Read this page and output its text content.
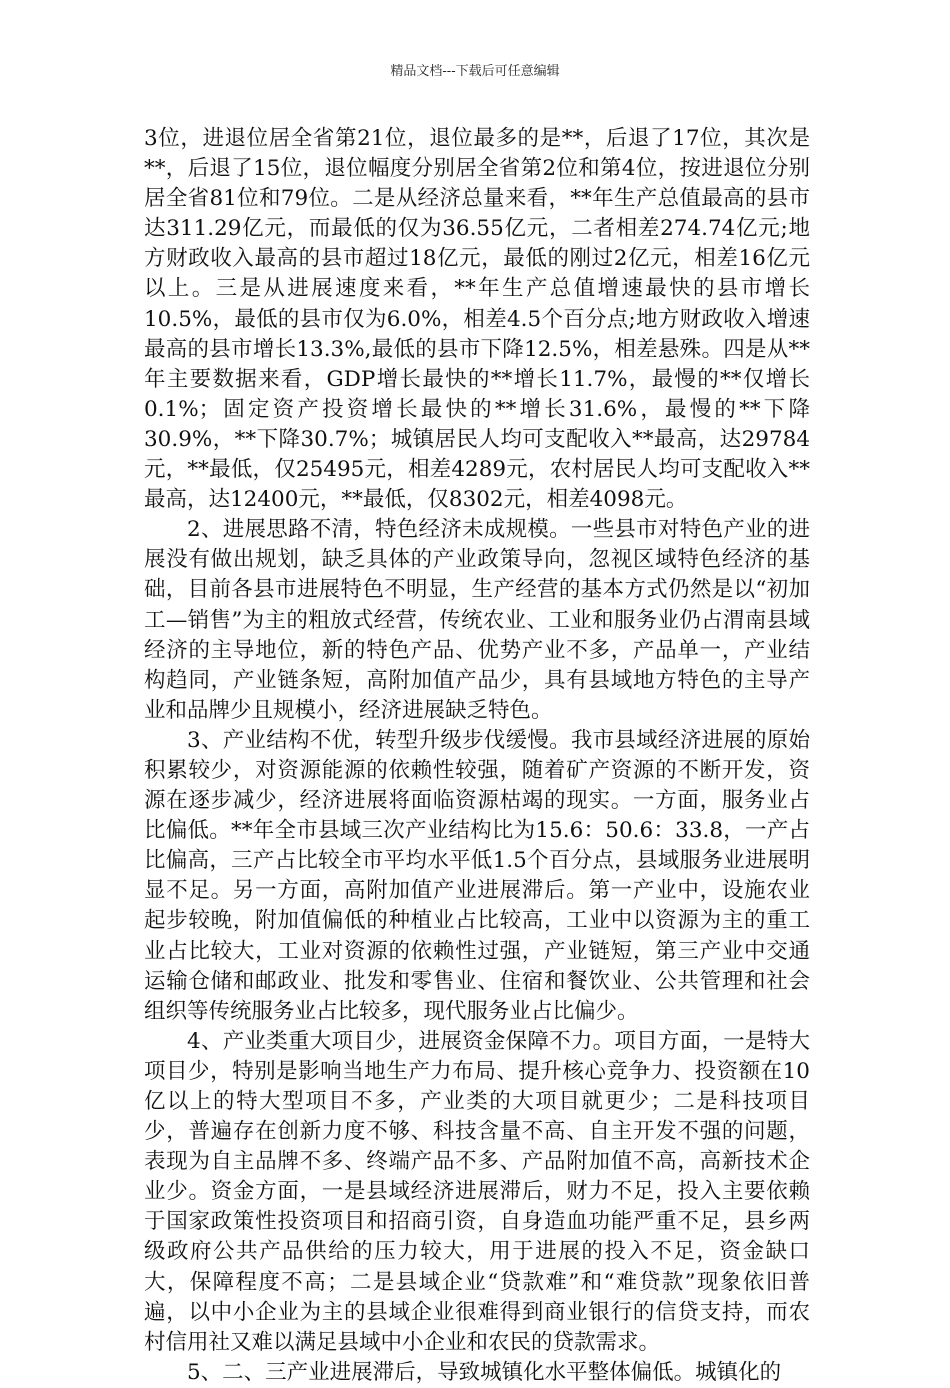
精品文档---下载后可任意编辑

3位，进退位居全省第21位，退位最多的是**，后退了17位，其次是**，后退了15位，退位幅度分别居全省第2位和第4位，按进退位分别居全省81位和79位。二是从经济总量来看，**年生产总值最高的县市达311.29亿元，而最低的仅为36.55亿元，二者相差274.74亿元;地方财政收入最高的县市超过18亿元，最低的刚过2亿元，相差16亿元以上。三是从进展速度来看，**年生产总值增速最快的县市增长10.5%，最低的县市仅为6.0%，相差4.5个百分点;地方财政收入增速最高的县市增长13.3%,最低的县市下降12.5%，相差悬殊。四是从**年主要数据来看，GDP增长最快的**增长11.7%，最慢的**仅增长0.1%；固定资产投资增长最快的**增长31.6%，最慢的**下降30.9%，**下降30.7%；城镇居民人均可支配收入**最高，达29784元，**最低，仅25495元，相差4289元，农村居民人均可支配收入**最高，达12400元，**最低，仅8302元，相差4098元。

2、进展思路不清，特色经济未成规模。一些县市对特色产业的进展没有做出规划，缺乏具体的产业政策导向，忽视区域特色经济的基础，目前各县市进展特色不明显，生产经营的基本方式仍然是以“初加工—销售”为主的粗放式经营，传统农业、工业和服务业仍占渭南县域经济的主导地位，新的特色产品、优势产业不多，产品单一，产业结构趋同，产业链条短，高附加值产品少，具有县域地方特色的主导产业和品牌少且规模小，经济进展缺乏特色。

3、产业结构不优，转型升级步伐缓慢。我市县域经济进展的原始积累较少，对资源能源的依赖性较强，随着矿产资源的不断开发，资源在逐步减少，经济进展将面临资源枯竭的现实。一方面，服务业占比偏低。**年全市县域三次产业结构比为15.6：50.6：33.8，一产占比偏高，三产占比较全市平均水平低1.5个百分点，县域服务业进展明显不足。另一方面，高附加值产业进展滞后。第一产业中，设施农业起步较晚，附加值偏低的种植业占比较高，工业中以资源为主的重工业占比较大，工业对资源的依赖性过强，产业链短，第三产业中交通运输仓储和邮政业、批发和零售业、住宿和餐饮业、公共管理和社会组织等传统服务业占比较多，现代服务业占比偏少。

4、产业类重大项目少，进展资金保障不力。项目方面，一是特大项目少，特别是影响当地生产力布局、提升核心竞争力、投资额在10亿以上的特大型项目不多，产业类的大项目就更少；二是科技项目少，普遍存在创新力度不够、科技含量不高、自主开发不强的问题，表现为自主品牌不多、终端产品不多、产品附加值不高，高新技术企业少。资金方面，一是县域经济进展滞后，财力不足，投入主要依赖于国家政策性投资项目和招商引资，自身造血功能严重不足，县乡两级政府公共产品供给的压力较大，用于进展的投入不足，资金缺口大，保障程度不高；二是县域企业“贷款难”和“难贷款”现象依旧普遍，以中小企业为主的县域企业很难得到商业银行的信贷支持，而农村信用社又难以满足县域中小企业和农民的贷款需求。

5、二、三产业进展滞后，导致城镇化水平整体偏低。城镇化的
